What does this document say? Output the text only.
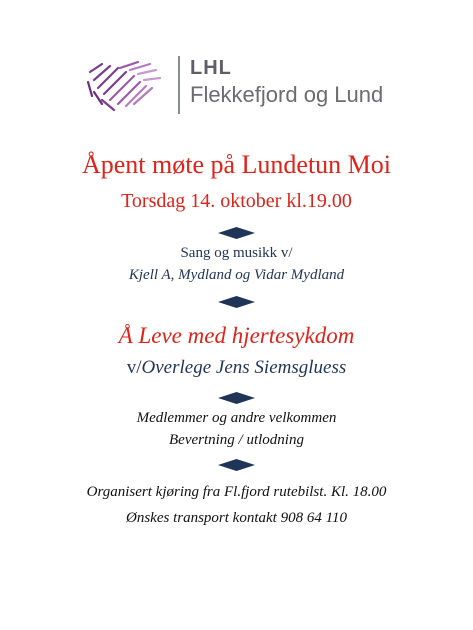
LHL
Flekkefjord og Lund
Åpent møte på Lundetun Moi
Torsdag 14. oktober kl.19.00
Sang og musikk v/
Kjell A, Mydland og Vidar Mydland
Å Leve med hjertesykdom
v/Overlege Jens Siemsgluess
Medlemmer og andre velkommen
Bevertning / utlodning
Organisert kjøring fra Fl.fjord rutebilst. Kl. 18.00
Ønskes transport kontakt 908 64 110
